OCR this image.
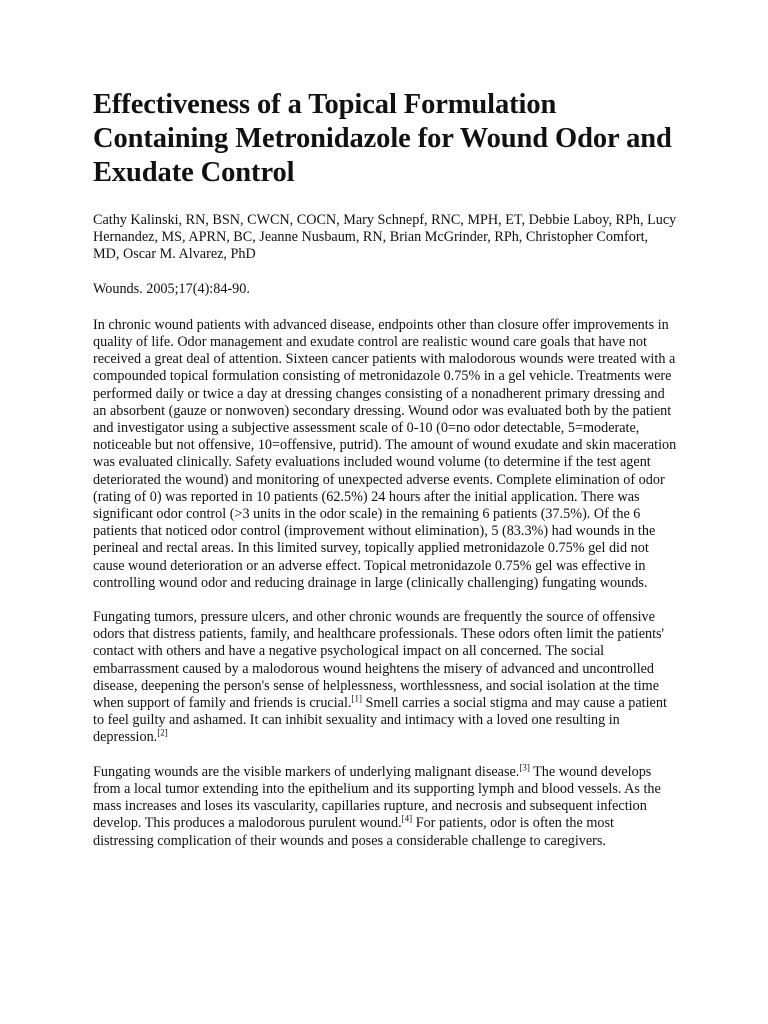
Effectiveness of a Topical Formulation Containing Metronidazole for Wound Odor and Exudate Control

Cathy Kalinski, RN, BSN, CWCN, COCN, Mary Schnepf, RNC, MPH, ET, Debbie Laboy, RPh, Lucy Hernandez, MS, APRN, BC, Jeanne Nusbaum, RN, Brian McGrinder, RPh, Christopher Comfort, MD, Oscar M. Alvarez, PhD

Wounds. 2005;17(4):84-90.

In chronic wound patients with advanced disease, endpoints other than closure offer improvements in quality of life. Odor management and exudate control are realistic wound care goals that have not received a great deal of attention. Sixteen cancer patients with malodorous wounds were treated with a compounded topical formulation consisting of metronidazole 0.75% in a gel vehicle. Treatments were performed daily or twice a day at dressing changes consisting of a nonadherent primary dressing and an absorbent (gauze or nonwoven) secondary dressing. Wound odor was evaluated both by the patient and investigator using a subjective assessment scale of 0-10 (0=no odor detectable, 5=moderate, noticeable but not offensive, 10=offensive, putrid). The amount of wound exudate and skin maceration was evaluated clinically. Safety evaluations included wound volume (to determine if the test agent deteriorated the wound) and monitoring of unexpected adverse events. Complete elimination of odor (rating of 0) was reported in 10 patients (62.5%) 24 hours after the initial application. There was significant odor control (>3 units in the odor scale) in the remaining 6 patients (37.5%). Of the 6 patients that noticed odor control (improvement without elimination), 5 (83.3%) had wounds in the perineal and rectal areas. In this limited survey, topically applied metronidazole 0.75% gel did not cause wound deterioration or an adverse effect. Topical metronidazole 0.75% gel was effective in controlling wound odor and reducing drainage in large (clinically challenging) fungating wounds.

Fungating tumors, pressure ulcers, and other chronic wounds are frequently the source of offensive odors that distress patients, family, and healthcare professionals. These odors often limit the patients' contact with others and have a negative psychological impact on all concerned. The social embarrassment caused by a malodorous wound heightens the misery of advanced and uncontrolled disease, deepening the person's sense of helplessness, worthlessness, and social isolation at the time when support of family and friends is crucial.[1] Smell carries a social stigma and may cause a patient to feel guilty and ashamed. It can inhibit sexuality and intimacy with a loved one resulting in depression.[2]

Fungating wounds are the visible markers of underlying malignant disease.[3] The wound develops from a local tumor extending into the epithelium and its supporting lymph and blood vessels. As the mass increases and loses its vascularity, capillaries rupture, and necrosis and subsequent infection develop. This produces a malodorous purulent wound.[4] For patients, odor is often the most distressing complication of their wounds and poses a considerable challenge to caregivers.
